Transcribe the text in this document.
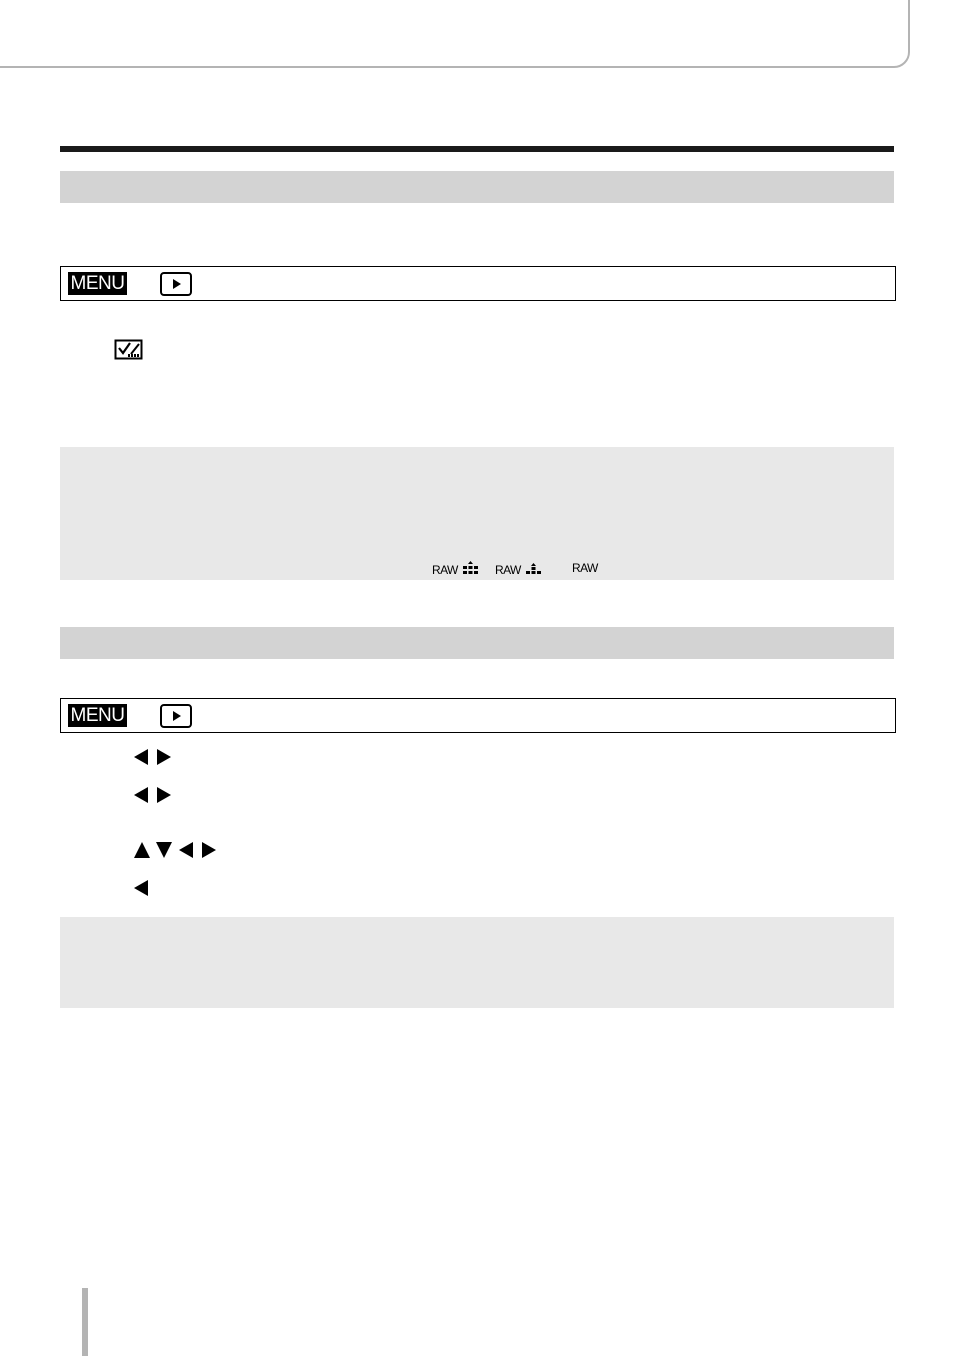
MENU
RAW	RAW	RAW
MENU
